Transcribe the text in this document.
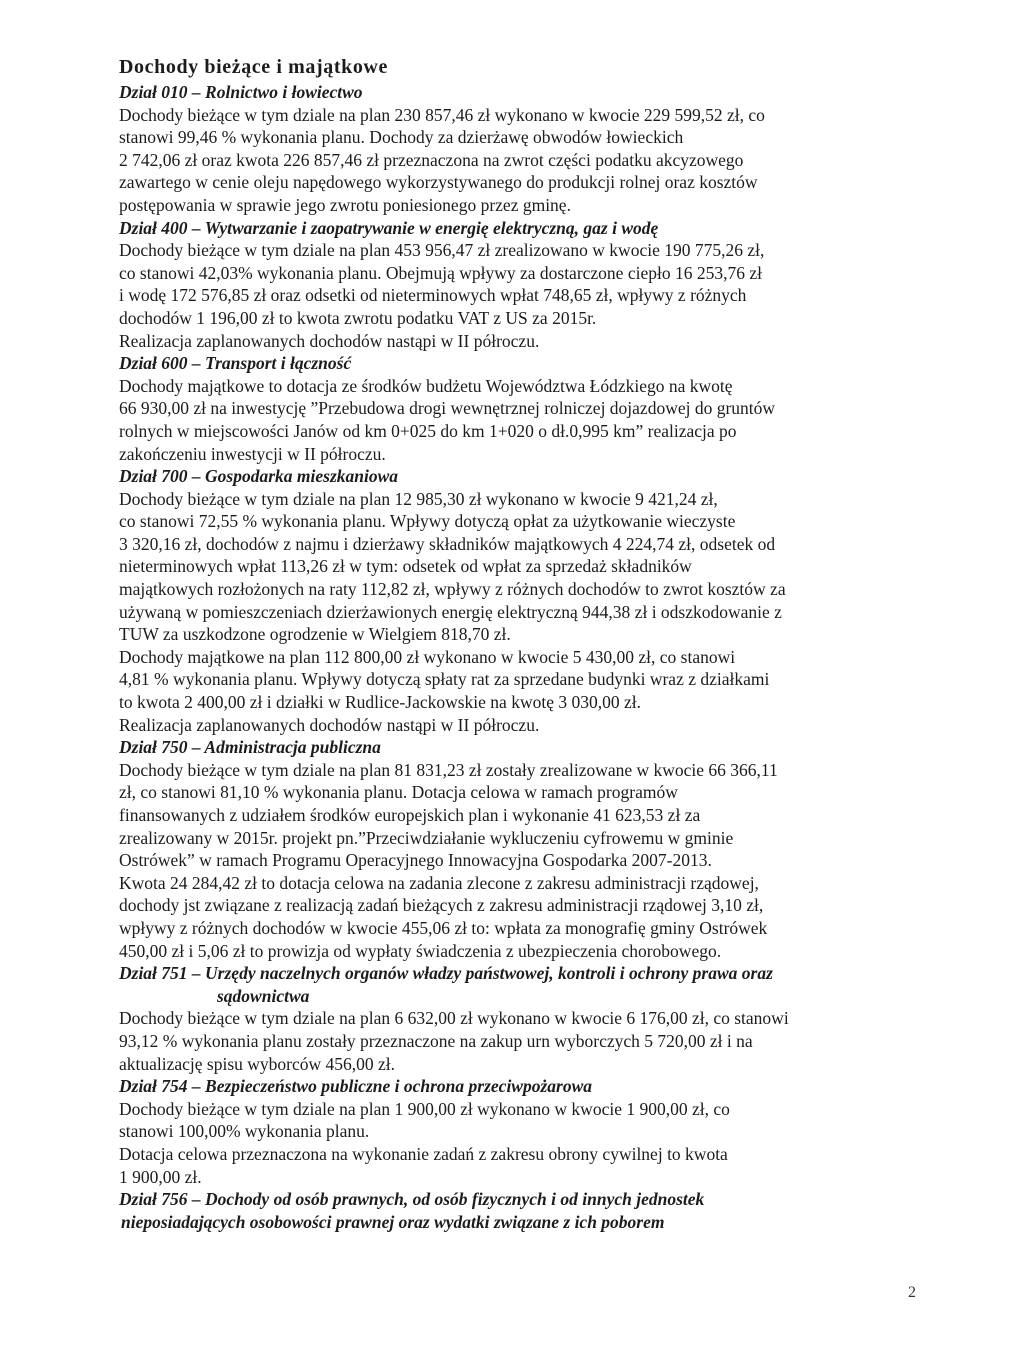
Dochody bieżące i majątkowe
Dział 010 – Rolnictwo i łowiectwo

Dochody bieżące w tym dziale na plan 230 857,46 zł wykonano w kwocie 229 599,52 zł, co

stanowi 99,46 % wykonania planu. Dochody za dzierżawę obwodów łowieckich

2 742,06 zł oraz kwota 226 857,46 zł przeznaczona na zwrot części podatku akcyzowego

zawartego w cenie oleju napędowego wykorzystywanego do produkcji rolnej oraz kosztów

postępowania w sprawie jego zwrotu poniesionego przez gminę.

Dział 400 – Wytwarzanie i zaopatrywanie w energię elektryczną, gaz i wodę

Dochody bieżące w tym dziale na plan 453 956,47 zł zrealizowano w kwocie 190 775,26 zł,

co stanowi 42,03% wykonania planu. Obejmują wpływy za dostarczone ciepło 16 253,76 zł

i wodę 172 576,85 zł oraz odsetki od nieterminowych wpłat 748,65 zł, wpływy z różnych

dochodów 1 196,00 zł to kwota zwrotu podatku VAT z US za 2015r.

Realizacja zaplanowanych dochodów nastąpi w II półroczu.

Dział 600 – Transport i łączność

Dochody majątkowe to dotacja ze środków budżetu Województwa Łódzkiego na kwotę

66 930,00 zł na inwestycję ”Przebudowa drogi wewnętrznej rolniczej dojazdowej do gruntów

rolnych w miejscowości Janów od km 0+025 do km 1+020 o dł.0,995 km” realizacja po

zakończeniu inwestycji w II półroczu.

Dział 700 – Gospodarka mieszkaniowa

Dochody bieżące w tym dziale na plan 12 985,30 zł wykonano w kwocie 9 421,24 zł,

co stanowi 72,55 % wykonania planu. Wpływy dotyczą opłat za użytkowanie wieczyste

3 320,16 zł, dochodów z najmu i dzierżawy składników majątkowych 4 224,74 zł, odsetek od

nieterminowych wpłat 113,26 zł w tym: odsetek od wpłat za sprzedaż składników

majątkowych rozłożonych na raty 112,82 zł, wpływy z różnych dochodów to zwrot kosztów za

używaną w pomieszczeniach dzierżawionych energię elektryczną 944,38 zł i odszkodowanie z

TUW za uszkodzone ogrodzenie w Wielgiem 818,70 zł.

Dochody majątkowe na plan 112 800,00 zł wykonano w kwocie 5 430,00 zł, co stanowi

4,81 % wykonania planu. Wpływy dotyczą spłaty rat za sprzedane budynki wraz z działkami

to kwota 2 400,00 zł i działki w Rudlice-Jackowskie na kwotę 3 030,00 zł.

Realizacja zaplanowanych dochodów nastąpi w II półroczu.

Dział 750 – Administracja publiczna

Dochody bieżące w tym dziale na plan 81 831,23 zł zostały zrealizowane w kwocie 66 366,11

zł, co stanowi 81,10 % wykonania planu. Dotacja celowa w ramach programów

finansowanych z udziałem środków europejskich plan i wykonanie 41 623,53 zł za

zrealizowany w 2015r. projekt pn.”Przeciwdziałanie wykluczeniu cyfrowemu w gminie

Ostrówek” w ramach Programu Operacyjnego Innowacyjna Gospodarka 2007-2013.

Kwota 24 284,42 zł to dotacja celowa na zadania zlecone z zakresu administracji rządowej,

dochody jst związane z realizacją zadań bieżących z zakresu administracji rządowej 3,10 zł,

wpływy z różnych dochodów w kwocie 455,06 zł to: wpłata za monografię gminy Ostrówek

450,00 zł i 5,06 zł to prowizja od wypłaty świadczenia z ubezpieczenia chorobowego.

Dział 751 – Urzędy naczelnych organów władzy państwowej, kontroli i ochrony prawa oraz
sądownictwa

Dochody bieżące w tym dziale na plan 6 632,00 zł wykonano w kwocie 6 176,00 zł, co stanowi

93,12 % wykonania planu zostały przeznaczone na zakup urn wyborczych 5 720,00 zł i na

aktualizację spisu wyborców 456,00 zł.

Dział 754 – Bezpieczeństwo publiczne i ochrona przeciwpożarowa

Dochody bieżące w tym dziale na plan 1 900,00 zł wykonano w kwocie 1 900,00 zł, co

stanowi 100,00% wykonania planu.

Dotacja celowa przeznaczona na wykonanie zadań z zakresu obrony cywilnej to kwota

1 900,00 zł.

Dział 756 – Dochody od osób prawnych, od osób fizycznych i od innych jednostek
nieposiadających osobowości prawnej oraz wydatki związane z ich poborem
2
